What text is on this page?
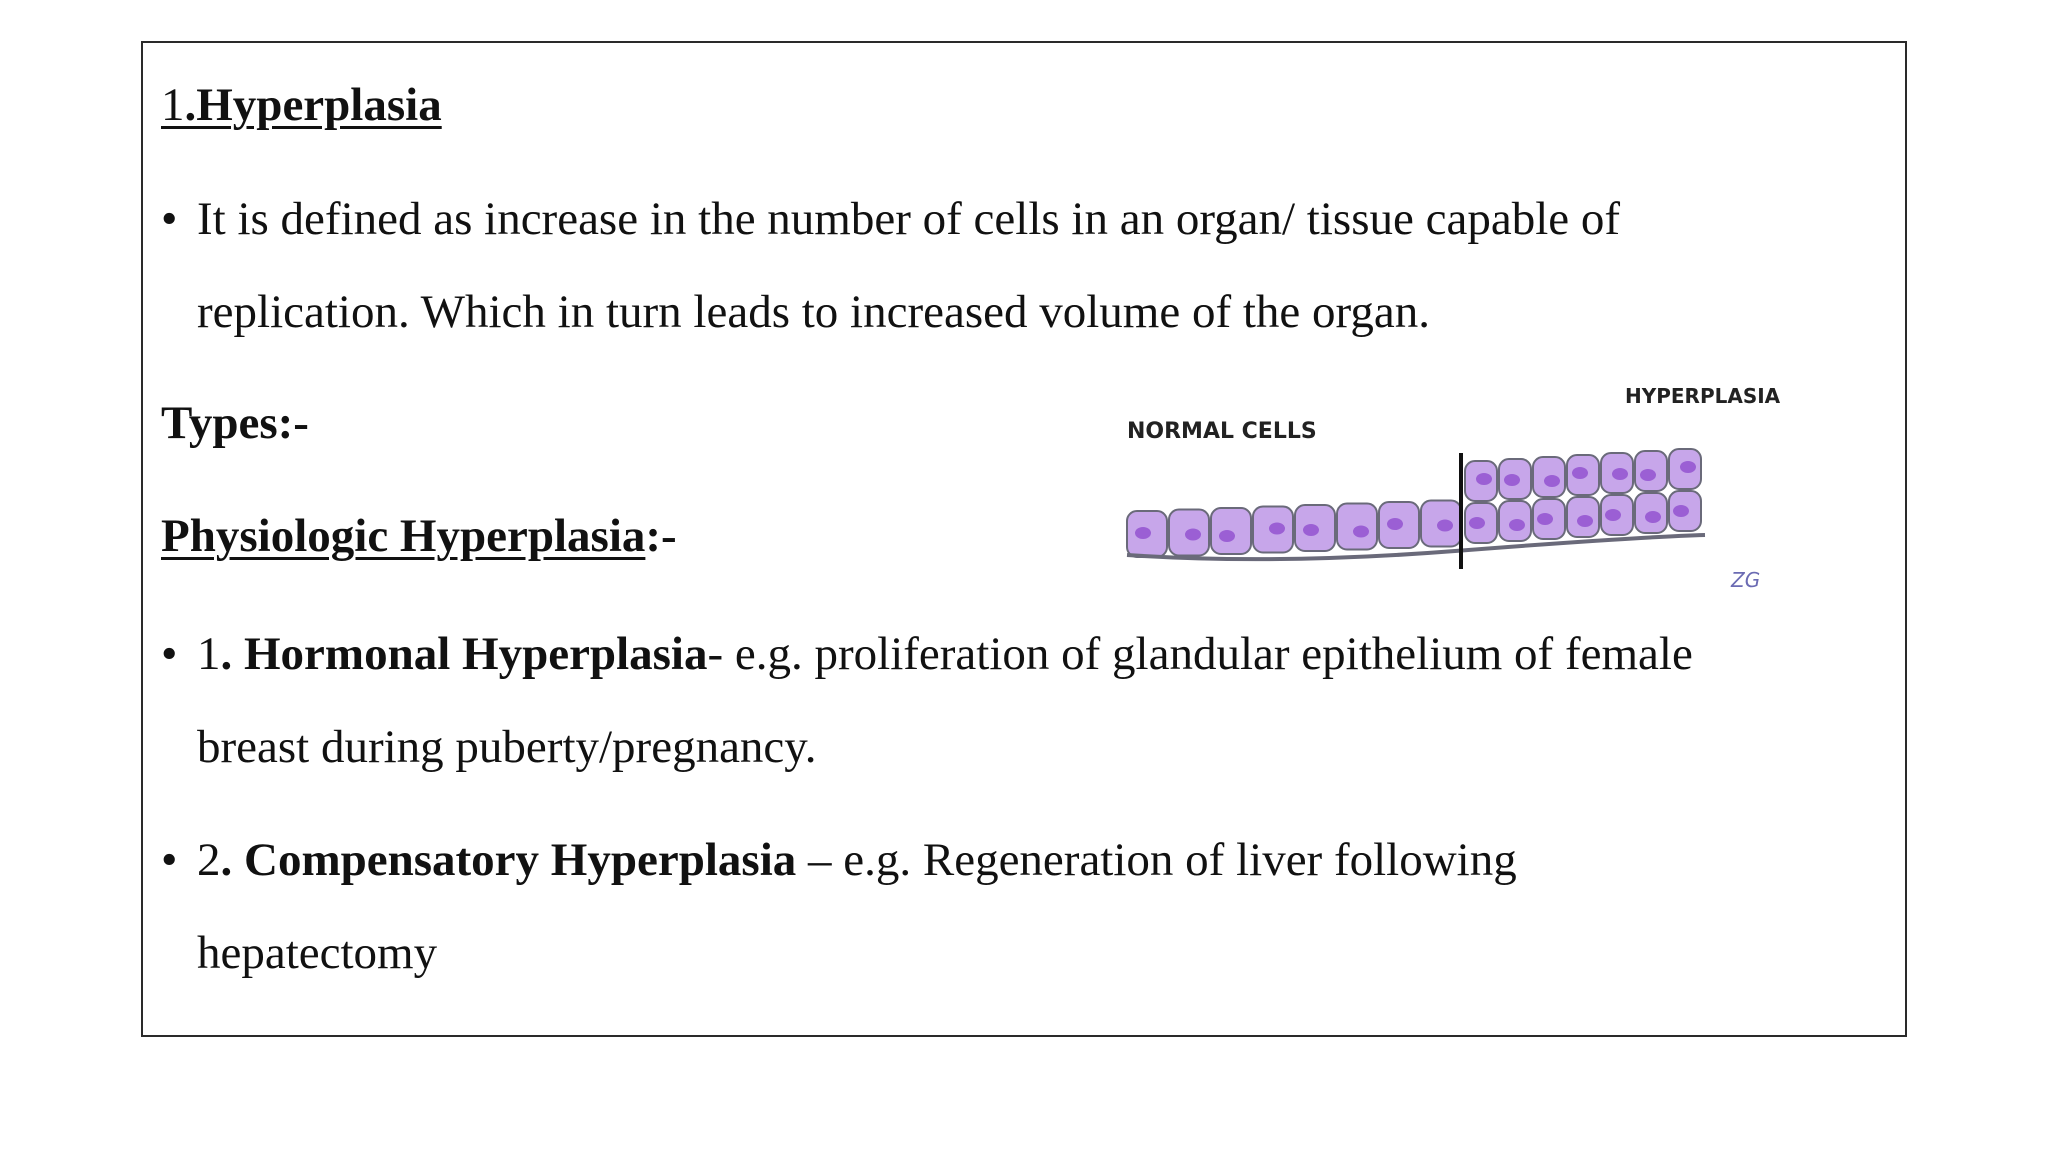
1.Hyperplasia
• It is defined as increase in the number of cells in an organ/ tissue capable of
replication. Which in turn leads to increased volume of the organ.
Types:-
Physiologic Hyperplasia:-
• 1. Hormonal Hyperplasia- e.g. proliferation of glandular epithelium of female
breast during puberty/pregnancy.
• 2. Compensatory Hyperplasia – e.g. Regeneration of liver following
hepatectomy
NORMAL CELLS
HYPERPLASIA
ZG
